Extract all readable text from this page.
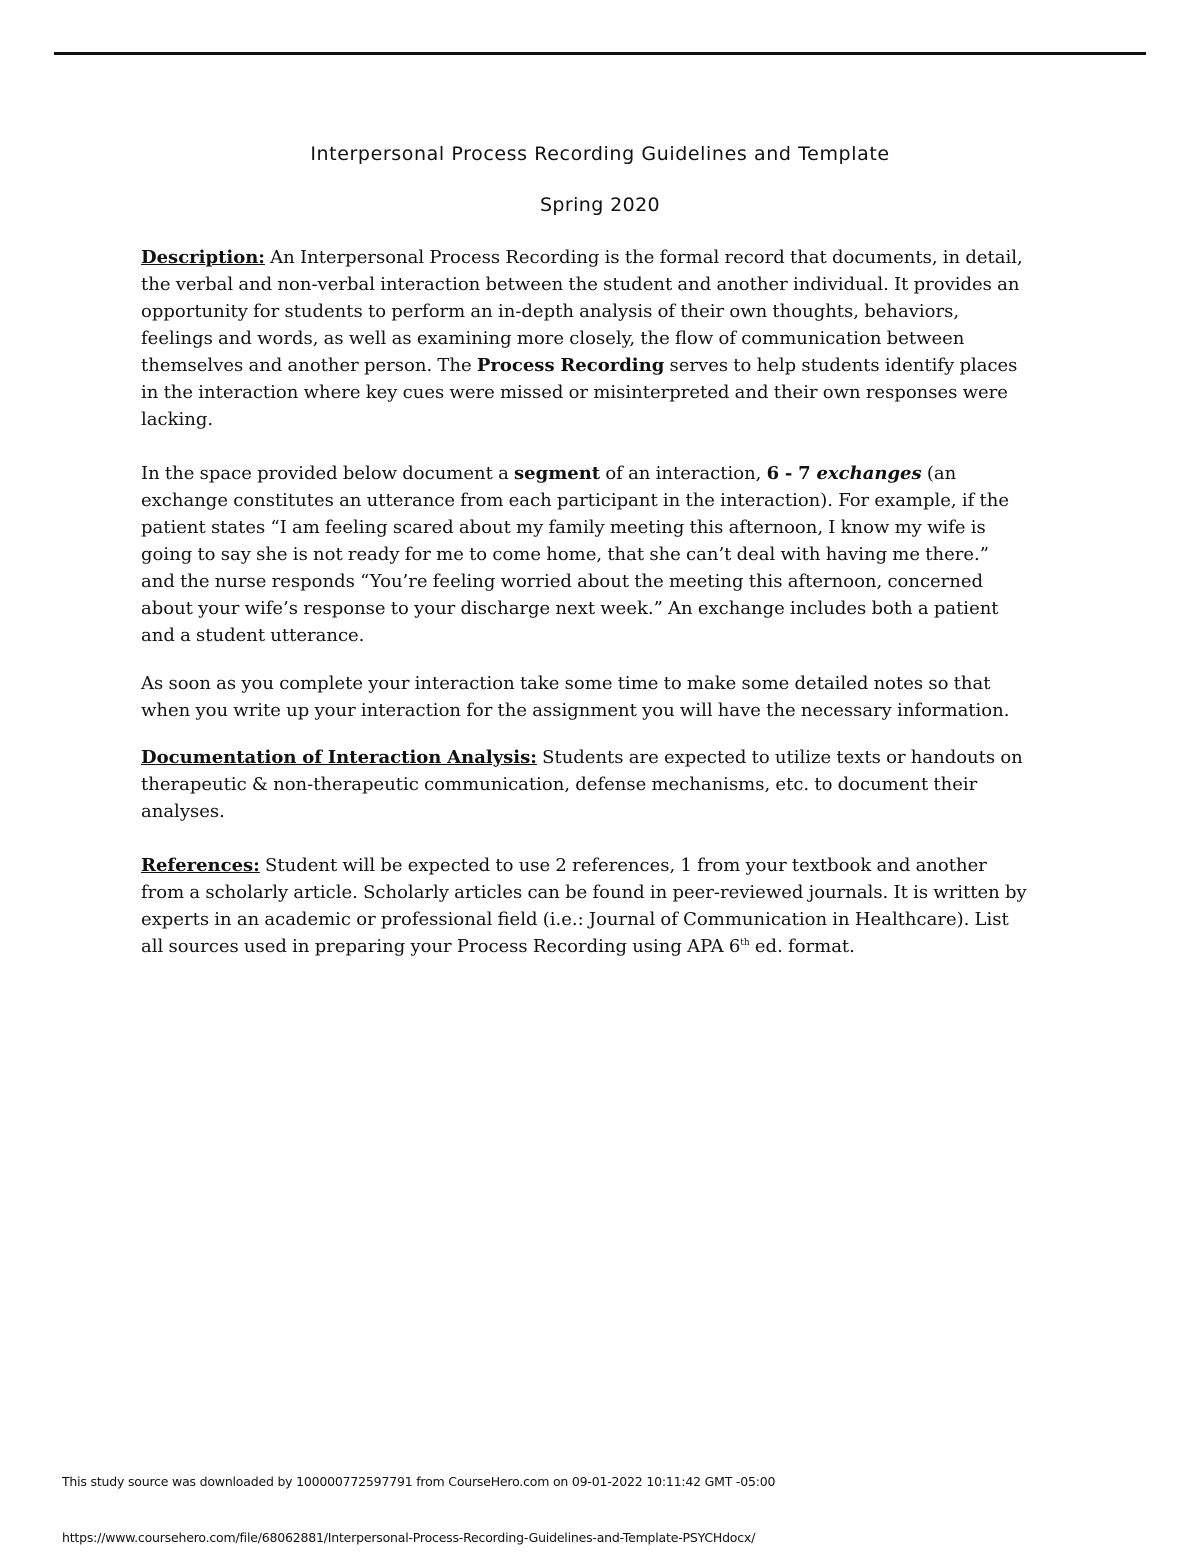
Interpersonal Process Recording Guidelines and Template
Spring 2020

Description: An Interpersonal Process Recording is the formal record that documents, in detail,
the verbal and non-verbal interaction between the student and another individual. It provides an
opportunity for students to perform an in-depth analysis of their own thoughts, behaviors,
feelings and words, as well as examining more closely, the flow of communication between
themselves and another person. The Process Recording serves to help students identify places
in the interaction where key cues were missed or misinterpreted and their own responses were
lacking.

In the space provided below document a segment of an interaction, 6 - 7 exchanges (an
exchange constitutes an utterance from each participant in the interaction). For example, if the
patient states “I am feeling scared about my family meeting this afternoon, I know my wife is
going to say she is not ready for me to come home, that she can’t deal with having me there.”
and the nurse responds “You’re feeling worried about the meeting this afternoon, concerned
about your wife’s response to your discharge next week.” An exchange includes both a patient
and a student utterance.

As soon as you complete your interaction take some time to make some detailed notes so that
when you write up your interaction for the assignment you will have the necessary information.

Documentation of Interaction Analysis: Students are expected to utilize texts or handouts on
therapeutic & non-therapeutic communication, defense mechanisms, etc. to document their
analyses.

References: Student will be expected to use 2 references, 1 from your textbook and another
from a scholarly article. Scholarly articles can be found in peer-reviewed journals. It is written by
experts in an academic or professional field (i.e.: Journal of Communication in Healthcare). List
all sources used in preparing your Process Recording using APA 6th ed. format.

This study source was downloaded by 100000772597791 from CourseHero.com on 09-01-2022 10:11:42 GMT -05:00

https://www.coursehero.com/file/68062881/Interpersonal-Process-Recording-Guidelines-and-Template-PSYCHdocx/
